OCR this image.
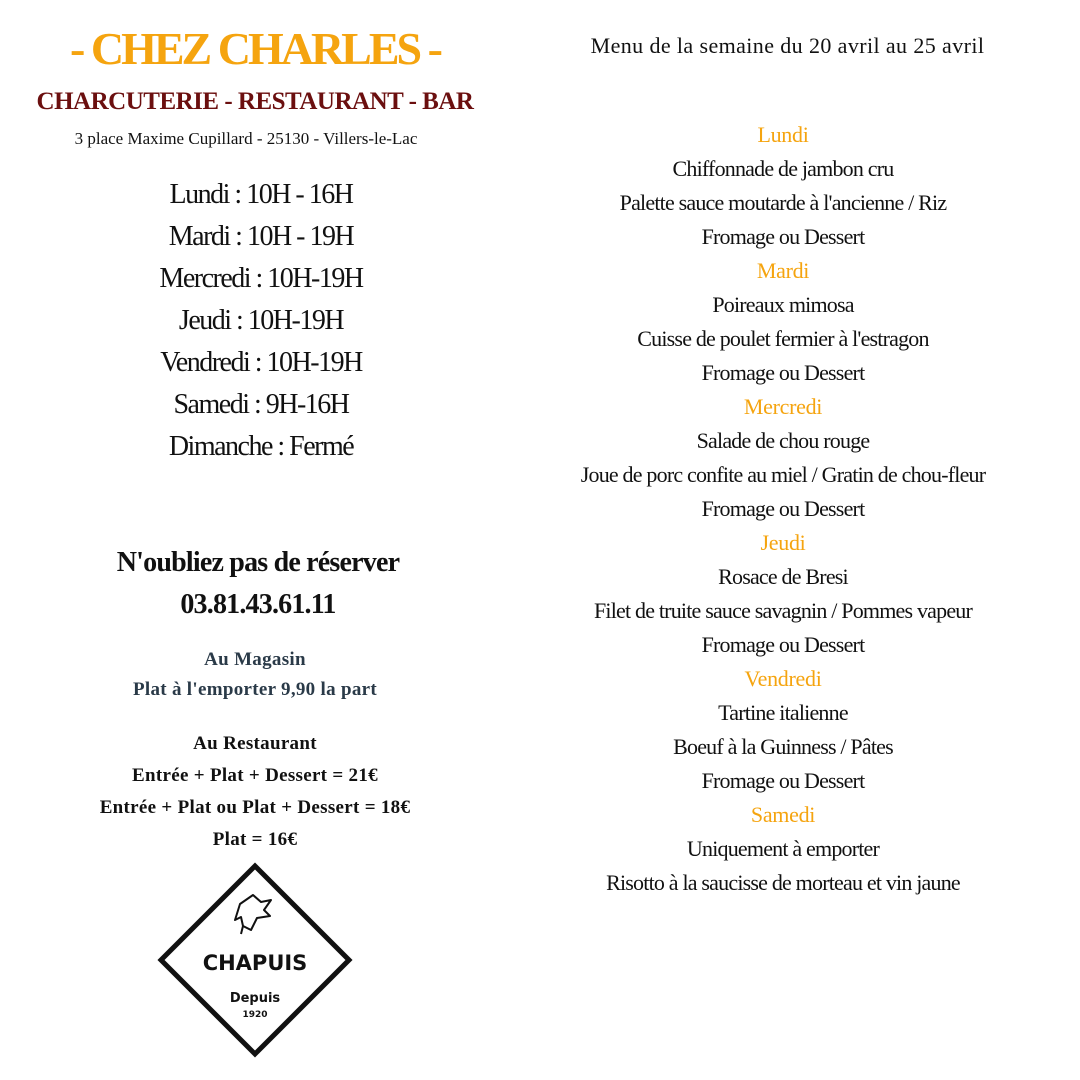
- CHEZ CHARLES -
CHARCUTERIE - RESTAURANT - BAR
3 place Maxime Cupillard - 25130 - Villers-le-Lac
Lundi : 10H - 16H
Mardi : 10H - 19H
Mercredi : 10H-19H
Jeudi : 10H-19H
Vendredi : 10H-19H
Samedi : 9H-16H
Dimanche : Fermé
N'oubliez pas de réserver
03.81.43.61.11
Au Magasin
Plat à l'emporter 9,90 la part
Au Restaurant
Entrée + Plat + Dessert = 21€
Entrée + Plat ou Plat + Dessert = 18€
Plat = 16€
CHAPUIS
Depuis
1920
Menu de la semaine du 20 avril au 25 avril
Lundi
Chiffonnade de jambon cru
Palette sauce moutarde à l'ancienne / Riz
Fromage ou Dessert
Mardi
Poireaux mimosa
Cuisse de poulet fermier à l'estragon
Fromage ou Dessert
Mercredi
Salade de chou rouge
Joue de porc confite au miel / Gratin de chou-fleur
Fromage ou Dessert
Jeudi
Rosace de Bresi
Filet de truite sauce savagnin / Pommes vapeur
Fromage ou Dessert
Vendredi
Tartine italienne
Boeuf à la Guinness / Pâtes
Fromage ou Dessert
Samedi
Uniquement à emporter
Risotto à la saucisse de morteau et vin jaune
